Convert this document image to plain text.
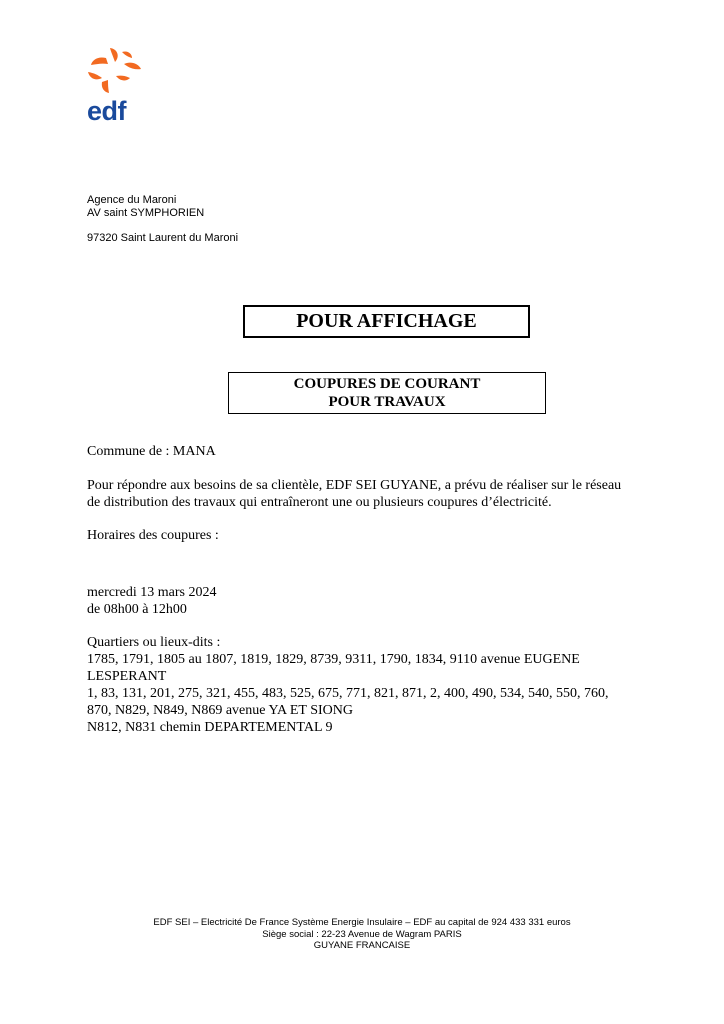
edf
Agence du Maroni
AV saint SYMPHORIEN
97320 Saint Laurent du Maroni
POUR AFFICHAGE
COUPURES DE COURANT
POUR TRAVAUX

Commune de : MANA

Pour répondre aux besoins de sa clientèle, EDF SEI GUYANE, a prévu de réaliser sur le réseau

de distribution des travaux qui entraîneront une ou plusieurs coupures d’électricité.

Horaires des coupures :

mercredi 13 mars 2024

de 08h00 à 12h00

Quartiers ou lieux-dits :

1785, 1791, 1805 au 1807, 1819, 1829, 8739, 9311, 1790, 1834, 9110 avenue EUGENE

LESPERANT

1, 83, 131, 201, 275, 321, 455, 483, 525, 675, 771, 821, 871, 2, 400, 490, 534, 540, 550, 760,

870, N829, N849, N869 avenue YA ET SIONG

N812, N831 chemin DEPARTEMENTAL 9

EDF SEI – Electricité De France Système Energie Insulaire – EDF au capital de 924 433 331 euros
Siège social : 22-23 Avenue de Wagram PARIS
GUYANE FRANCAISE
